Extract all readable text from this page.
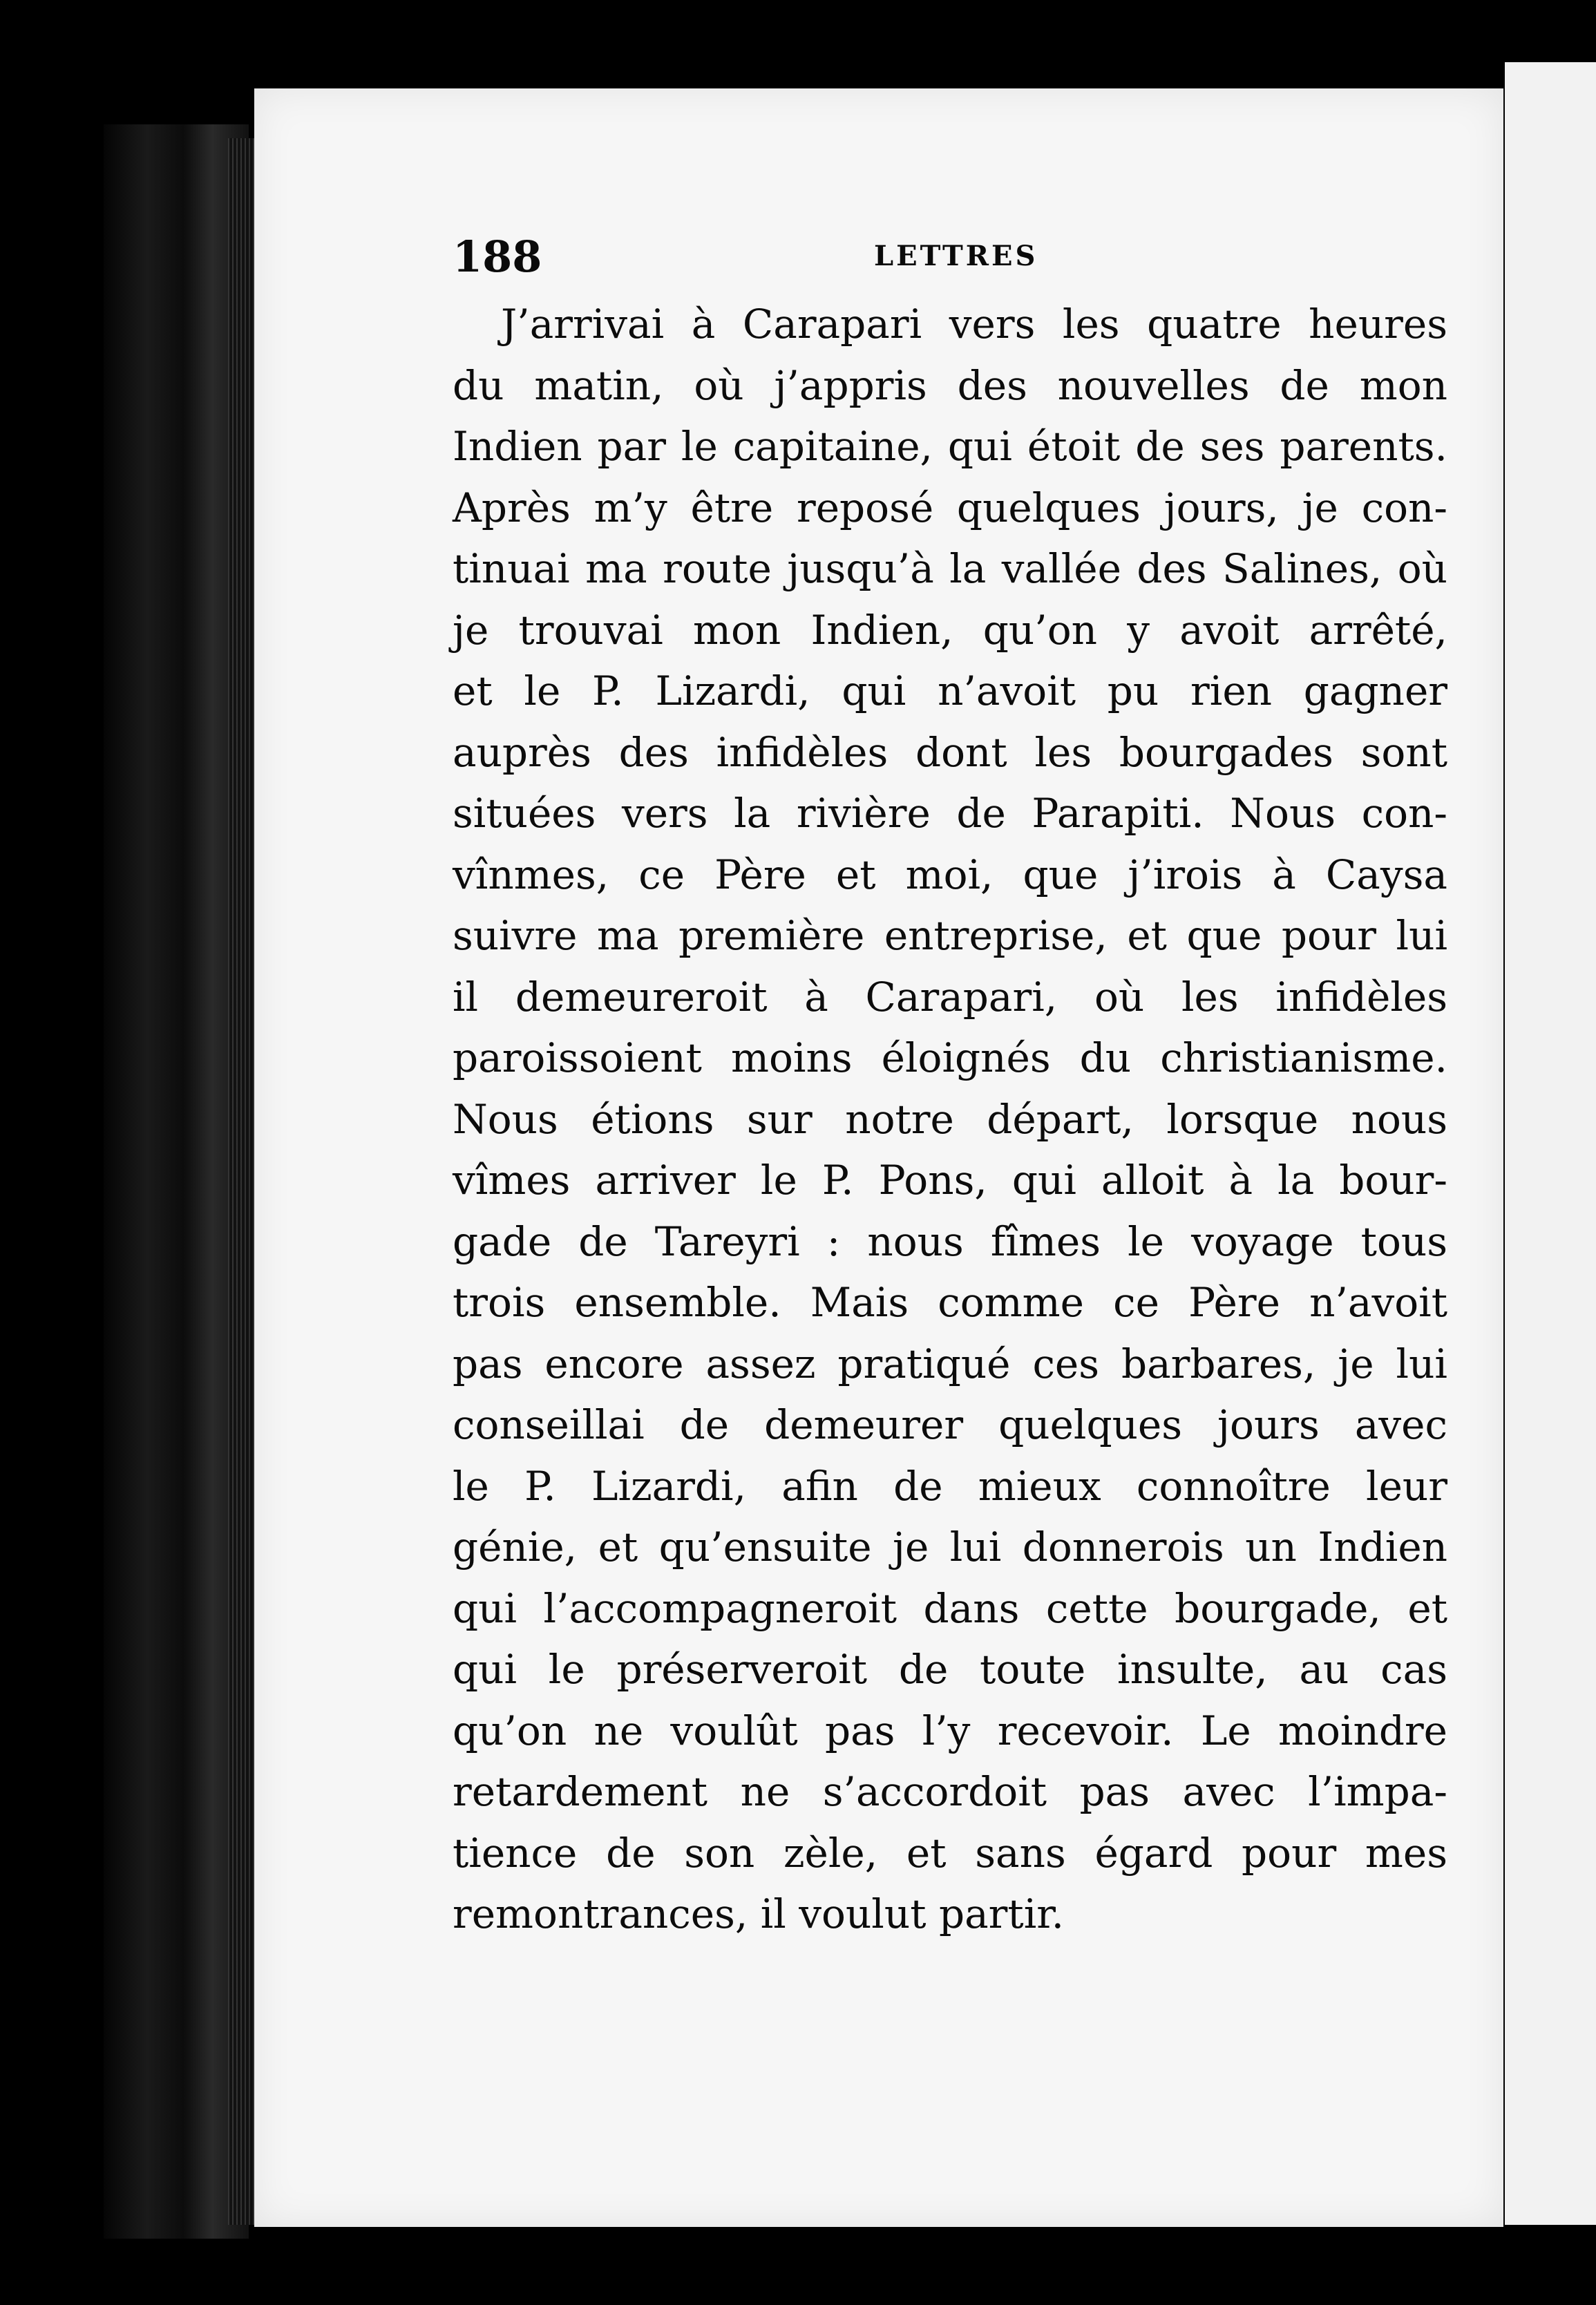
188	LETTRES
J’arrivai à Carapari vers les quatre heures
du matin, où j’appris des nouvelles de mon
Indien par le capitaine, qui étoit de ses parents.
Après m’y être reposé quelques jours, je con-
tinuai ma route jusqu’à la vallée des Salines, où
je trouvai mon Indien, qu’on y avoit arrêté,
et le P. Lizardi, qui n’avoit pu rien gagner
auprès des infidèles dont les bourgades sont
situées vers la rivière de Parapiti. Nous con-
vînmes, ce Père et moi, que j’irois à Caysa
suivre ma première entreprise, et que pour lui
il demeureroit à Carapari, où les infidèles
paroissoient moins éloignés du christianisme.
Nous étions sur notre départ, lorsque nous
vîmes arriver le P. Pons, qui alloit à la bour-
gade de Tareyri : nous fîmes le voyage tous
trois ensemble. Mais comme ce Père n’avoit
pas encore assez pratiqué ces barbares, je lui
conseillai de demeurer quelques jours avec
le P. Lizardi, afin de mieux connoître leur
génie, et qu’ensuite je lui donnerois un Indien
qui l’accompagneroit dans cette bourgade, et
qui le préserveroit de toute insulte, au cas
qu’on ne voulût pas l’y recevoir. Le moindre
retardement ne s’accordoit pas avec l’impa-
tience de son zèle, et sans égard pour mes
remontrances, il voulut partir.
